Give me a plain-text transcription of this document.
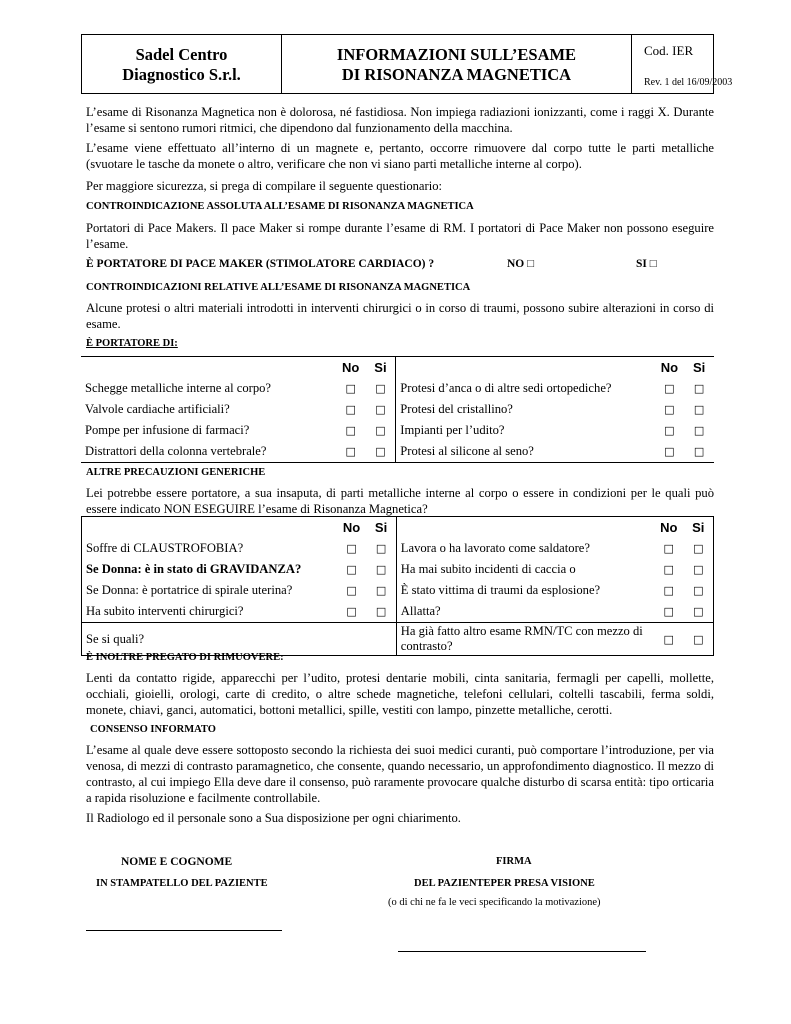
Sadel Centro
Diagnostico S.r.l.
INFORMAZIONI SULL’ESAME
DI RISONANZA MAGNETICA
Cod. IER
Rev. 1 del 16/09/2003
L’esame di Risonanza Magnetica non è dolorosa, né fastidiosa. Non impiega radiazioni ionizzanti, come i raggi X. Durante l’esame si sentono rumori ritmici, che dipendono dal funzionamento della macchina.
L’esame viene effettuato all’interno di un magnete e, pertanto, occorre rimuovere dal corpo tutte le parti metalliche (svuotare le tasche da monete o altro, verificare che non vi siano parti metalliche interne al corpo).
Per maggiore sicurezza, si prega di compilare il seguente questionario:
CONTROINDICAZIONE ASSOLUTA ALL’ESAME DI RISONANZA MAGNETICA
Portatori di Pace Makers. Il pace Maker si rompe durante l’esame di RM. I portatori di Pace Maker non possono eseguire l’esame.
È PORTATORE DI PACE MAKER (STIMOLATORE CARDIACO) ?	NO □	SI □
CONTROINDICAZIONI RELATIVE ALL’ESAME DI RISONANZA MAGNETICA
Alcune protesi o altri materiali introdotti in interventi chirurgici o in corso di traumi, possono subire alterazioni in corso di esame.
È PORTATORE DI:
	No	Si		No	Si
Schegge metalliche interne al corpo?	□	□	Protesi d’anca o di altre sedi ortopediche?	□	□
Valvole cardiache artificiali?	□	□	Protesi del cristallino?	□	□
Pompe per infusione di farmaci?	□	□	Impianti per l’udito?	□	□
Distrattori della colonna vertebrale?	□	□	Protesi al silicone al seno?	□	□
ALTRE PRECAUZIONI GENERICHE
Lei potrebbe essere portatore, a sua insaputa, di parti metalliche interne al corpo o essere in condizioni per le quali può essere indicato NON ESEGUIRE l’esame di Risonanza Magnetica?
	No	Si		No	Si
Soffre di CLAUSTROFOBIA?	□	□	Lavora o ha lavorato come saldatore?	□	□
Se Donna: è in stato di GRAVIDANZA?	□	□	Ha mai subito incidenti di caccia o	□	□
Se Donna: è portatrice di spirale uterina?	□	□	È stato vittima di traumi da esplosione?	□	□
Ha subito interventi chirurgici?	□	□	Allatta?	□	□
Se si quali?			Ha già fatto altro esame RMN/TC con mezzo di contrasto?	□	□
È INOLTRE PREGATO DI RIMUOVERE:
Lenti da contatto rigide, apparecchi per l’udito, protesi dentarie mobili, cinta sanitaria, fermagli per capelli, mollette, occhiali, gioielli, orologi, carte di credito, o altre schede magnetiche, telefoni cellulari, coltelli tascabili, ferma soldi, monete, chiavi, ganci, automatici, bottoni metallici, spille, vestiti con lampo, pinzette metalliche, cerotti.
CONSENSO INFORMATO
L’esame al quale deve essere sottoposto secondo la richiesta dei suoi medici curanti, può comportare l’introduzione, per via venosa, di mezzi di contrasto paramagnetico, che consente, quando necessario, un approfondimento diagnostico. Il mezzo di contrasto, al cui impiego Ella deve dare il consenso, può raramente provocare qualche disturbo di scarsa entità: tipo orticaria a rapida risoluzione e facilmente controllabile.
Il Radiologo ed il personale sono a Sua disposizione per ogni chiarimento.
NOME E COGNOME
IN STAMPATELLO DEL PAZIENTE
FIRMA
DEL PAZIENTEPER PRESA VISIONE
(o di chi ne fa le veci specificando la motivazione)
